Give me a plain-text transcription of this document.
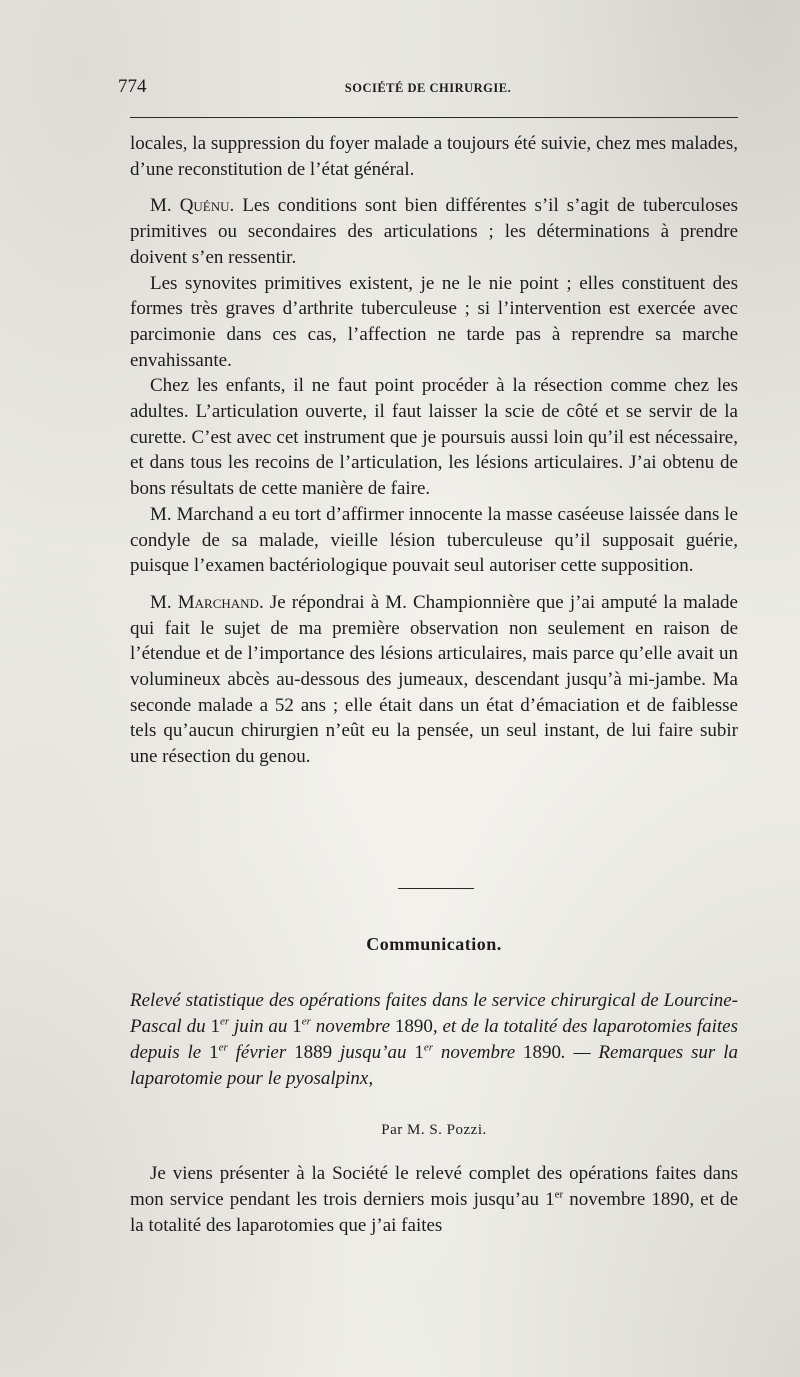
774	SOCIÉTÉ DE CHIRURGIE.

locales, la suppression du foyer malade a toujours été suivie, chez mes malades, d’une reconstitution de l’état général.

M. Quénu. Les conditions sont bien différentes s’il s’agit de tuberculoses primitives ou secondaires des articulations ; les déterminations à prendre doivent s’en ressentir.

Les synovites primitives existent, je ne le nie point ; elles constituent des formes très graves d’arthrite tuberculeuse ; si l’intervention est exercée avec parcimonie dans ces cas, l’affection ne tarde pas à reprendre sa marche envahissante.

Chez les enfants, il ne faut point procéder à la résection comme chez les adultes. L’articulation ouverte, il faut laisser la scie de côté et se servir de la curette. C’est avec cet instrument que je poursuis aussi loin qu’il est nécessaire, et dans tous les recoins de l’articulation, les lésions articulaires. J’ai obtenu de bons résultats de cette manière de faire.

M. Marchand a eu tort d’affirmer innocente la masse caséeuse laissée dans le condyle de sa malade, vieille lésion tuberculeuse qu’il supposait guérie, puisque l’examen bactériologique pouvait seul autoriser cette supposition.

M. Marchand. Je répondrai à M. Championnière que j’ai amputé la malade qui fait le sujet de ma première observation non seulement en raison de l’étendue et de l’importance des lésions articulaires, mais parce qu’elle avait un volumineux abcès au-dessous des jumeaux, descendant jusqu’à mi-jambe. Ma seconde malade a 52 ans ; elle était dans un état d’émaciation et de faiblesse tels qu’aucun chirurgien n’eût eu la pensée, un seul instant, de lui faire subir une résection du genou.

Communication.
Relevé statistique des opérations faites dans le service chirurgical de Lourcine-Pascal du 1er juin au 1er novembre 1890, et de la totalité des laparotomies faites depuis le 1er février 1889 jusqu’au 1er novembre 1890. — Remarques sur la laparotomie pour le pyosalpinx,
Par M. S. Pozzi.
Je viens présenter à la Société le relevé complet des opérations faites dans mon service pendant les trois derniers mois jusqu’au 1er novembre 1890, et de la totalité des laparotomies que j’ai faites
